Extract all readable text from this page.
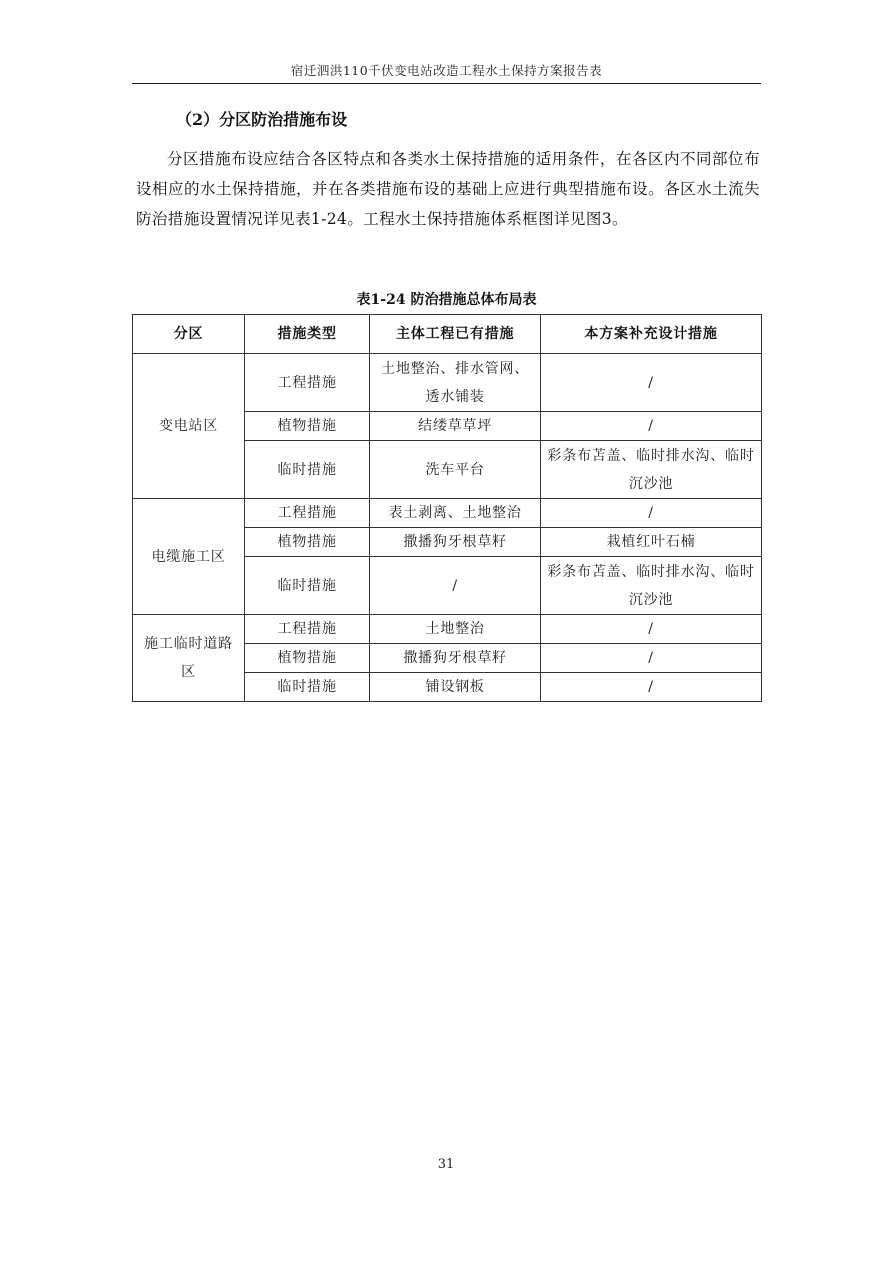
宿迁泗洪110千伏变电站改造工程水土保持方案报告表
（2）分区防治措施布设

分区措施布设应结合各区特点和各类水土保持措施的适用条件，在各区内不同部位布设相应的水土保持措施，并在各类措施布设的基础上应进行典型措施布设。各区水土流失防治措施设置情况详见表1-24。工程水土保持措施体系框图详见图3。

表1-24 防治措施总体布局表
分区	措施类型	主体工程已有措施	本方案补充设计措施
变电站区	工程措施	土地整治、排水管网、透水铺装	/
	植物措施	结缕草草坪	/
	临时措施	洗车平台	彩条布苫盖、临时排水沟、临时沉沙池
电缆施工区	工程措施	表土剥离、土地整治	/
	植物措施	撒播狗牙根草籽	栽植红叶石楠
	临时措施	/	彩条布苫盖、临时排水沟、临时沉沙池
施工临时道路区	工程措施	土地整治	/
	植物措施	撒播狗牙根草籽	/
	临时措施	铺设钢板	/
31
